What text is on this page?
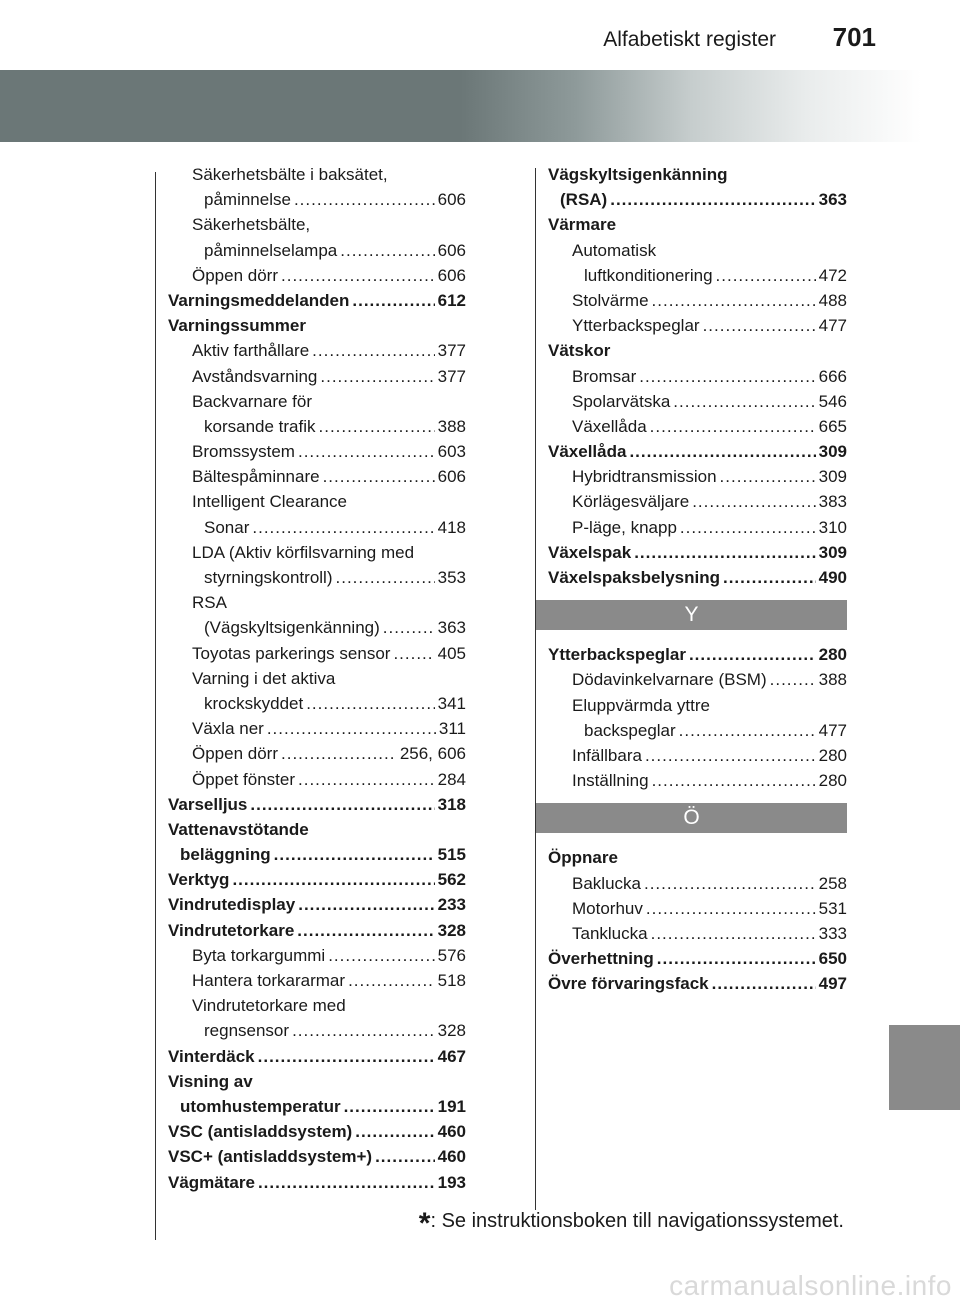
Alfabetiskt register 701
Säkerhetsbälte i baksätet,
påminnelse .....	606
Säkerhetsbälte,
påminnelselampa .....	606
Öppen dörr .....	606
Varningsmeddelanden .....	612
Varningssummer
Aktiv farthållare .....	377
Avståndsvarning .....	377
Backvarnare för
korsande trafik .....	388
Bromssystem .....	603
Bältespåminnare .....	606
Intelligent Clearance
Sonar .....	418
LDA (Aktiv körfilsvarning med
styrningskontroll) .....	353
RSA
(Vägskyltsigenkänning) .....	363
Toyotas parkerings sensor .....	405
Varning i det aktiva
krockskyddet .....	341
Växla ner .....	311
Öppen dörr .....	256, 606
Öppet fönster .....	284
Varselljus .....	318
Vattenavstötande
beläggning .....	515
Verktyg .....	562
Vindrutedisplay .....	233
Vindrutetorkare .....	328
Byta torkargummi .....	576
Hantera torkararmar .....	518
Vindrutetorkare med
regnsensor .....	328
Vinterdäck .....	467
Visning av
utomhustemperatur .....	191
VSC (antisladdsystem) .....	460
VSC+ (antisladdsystem+) .....	460
Vägmätare .....	193
Vägskyltsigenkänning
(RSA) .....	363
Värmare
Automatisk
luftkonditionering .....	472
Stolvärme .....	488
Ytterbackspeglar .....	477
Vätskor
Bromsar .....	666
Spolarvätska .....	546
Växellåda .....	665
Växellåda .....	309
Hybridtransmission .....	309
Körlägesväljare .....	383
P-läge, knapp .....	310
Växelspak .....	309
Växelspaksbelysning .....	490
Y
Ytterbackspeglar .....	280
Dödavinkelvarnare (BSM) .....	388
Eluppvärmda yttre
backspeglar .....	477
Infällbara .....	280
Inställning .....	280
Ö
Öppnare
Baklucka .....	258
Motorhuv .....	531
Tanklucka .....	333
Överhettning .....	650
Övre förvaringsfack .....	497
*: Se instruktionsboken till navigationssystemet.
carmanualsonline.info
